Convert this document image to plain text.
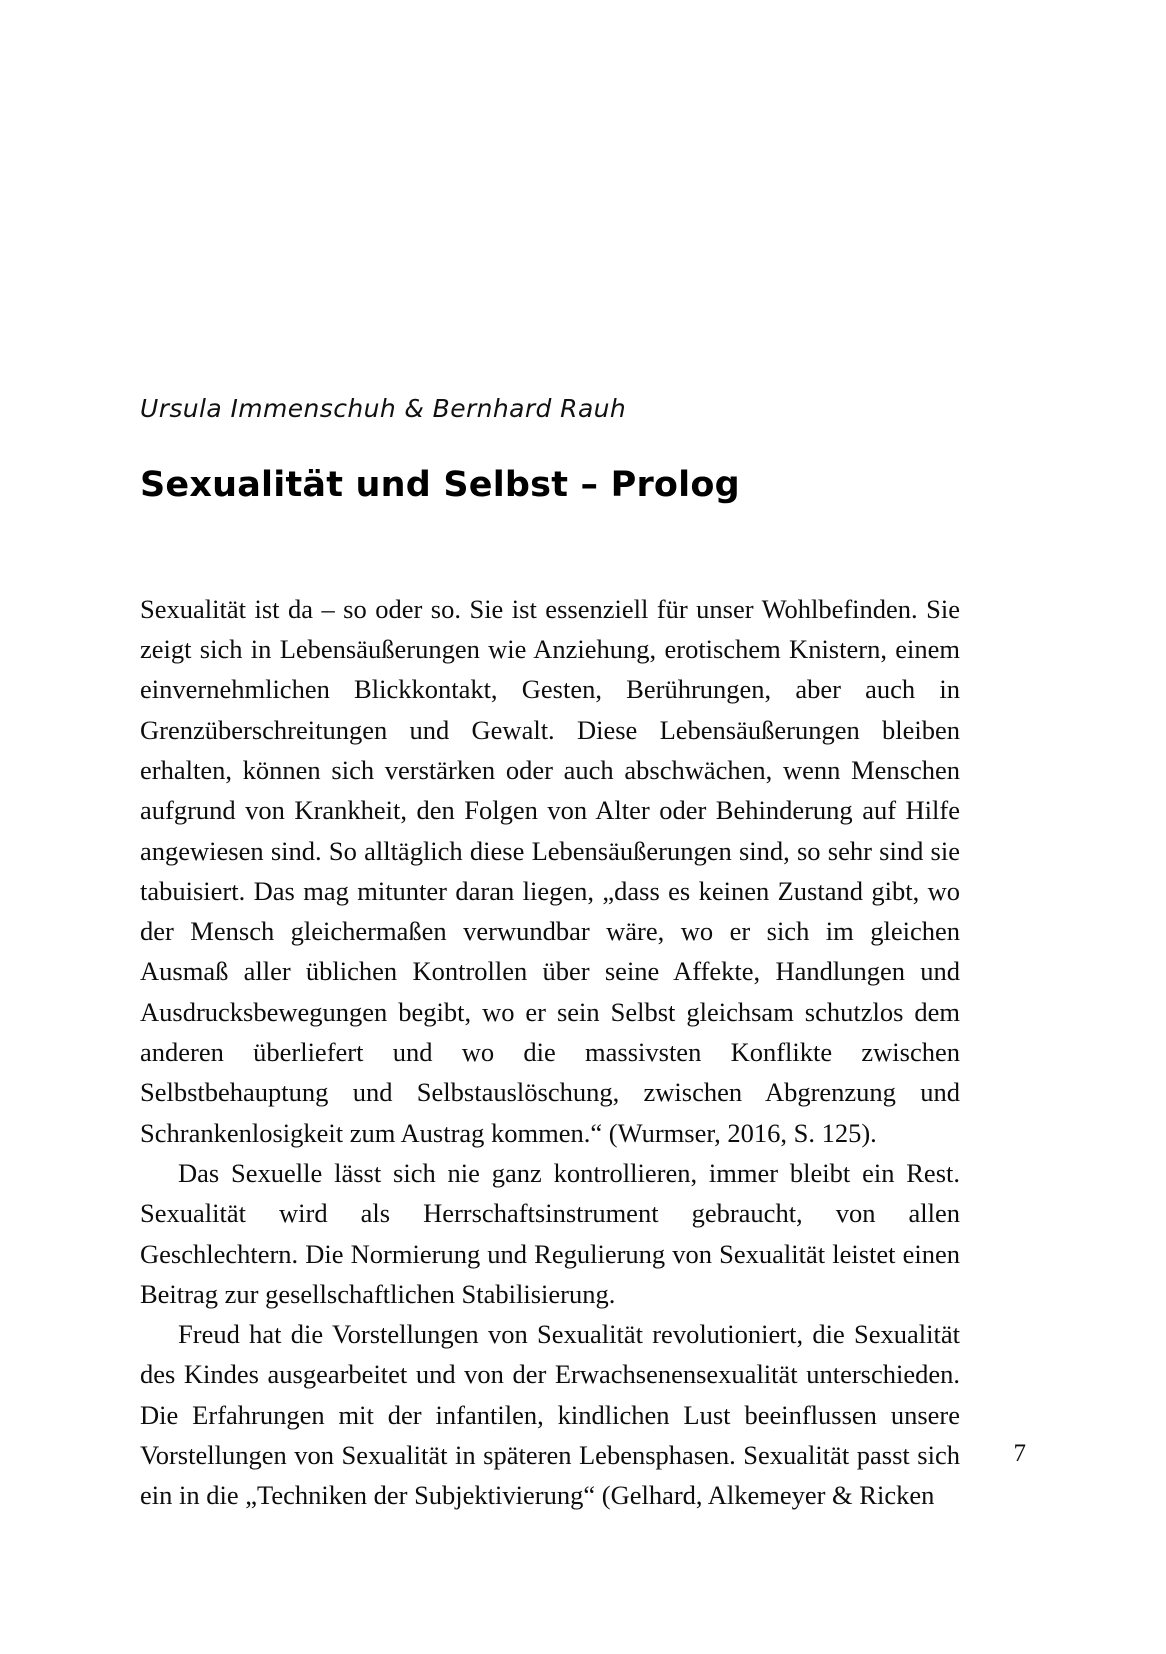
Ursula Immenschuh & Bernhard Rauh
Sexualität und Selbst – Prolog

Sexualität ist da – so oder so. Sie ist essenziell für unser Wohlbefinden. Sie zeigt sich in Lebensäußerungen wie Anziehung, erotischem Knistern, einem einvernehmlichen Blickkontakt, Gesten, Berührungen, aber auch in Grenzüberschreitungen und Gewalt. Diese Lebensäußerungen bleiben erhalten, können sich verstärken oder auch abschwächen, wenn Menschen aufgrund von Krankheit, den Folgen von Alter oder Behinderung auf Hilfe angewiesen sind. So alltäglich diese Lebensäußerungen sind, so sehr sind sie tabuisiert. Das mag mitunter daran liegen, „dass es keinen Zustand gibt, wo der Mensch gleichermaßen verwundbar wäre, wo er sich im gleichen Ausmaß aller üblichen Kontrollen über seine Affekte, Handlungen und Ausdrucksbewegungen begibt, wo er sein Selbst gleichsam schutzlos dem anderen überliefert und wo die massivsten Konflikte zwischen Selbstbehauptung und Selbstauslöschung, zwischen Abgrenzung und Schrankenlosigkeit zum Austrag kommen.“ (Wurmser, 2016, S. 125).

Das Sexuelle lässt sich nie ganz kontrollieren, immer bleibt ein Rest. Sexualität wird als Herrschaftsinstrument gebraucht, von allen Geschlechtern. Die Normierung und Regulierung von Sexualität leistet einen Beitrag zur gesellschaftlichen Stabilisierung.

Freud hat die Vorstellungen von Sexualität revolutioniert, die Sexualität des Kindes ausgearbeitet und von der Erwachsenensexualität unterschieden. Die Erfahrungen mit der infantilen, kindlichen Lust beeinflussen unsere Vorstellungen von Sexualität in späteren Lebensphasen. Sexualität passt sich ein in die „Techniken der Subjektivierung“ (Gelhard, Alkemeyer & Ricken

7
